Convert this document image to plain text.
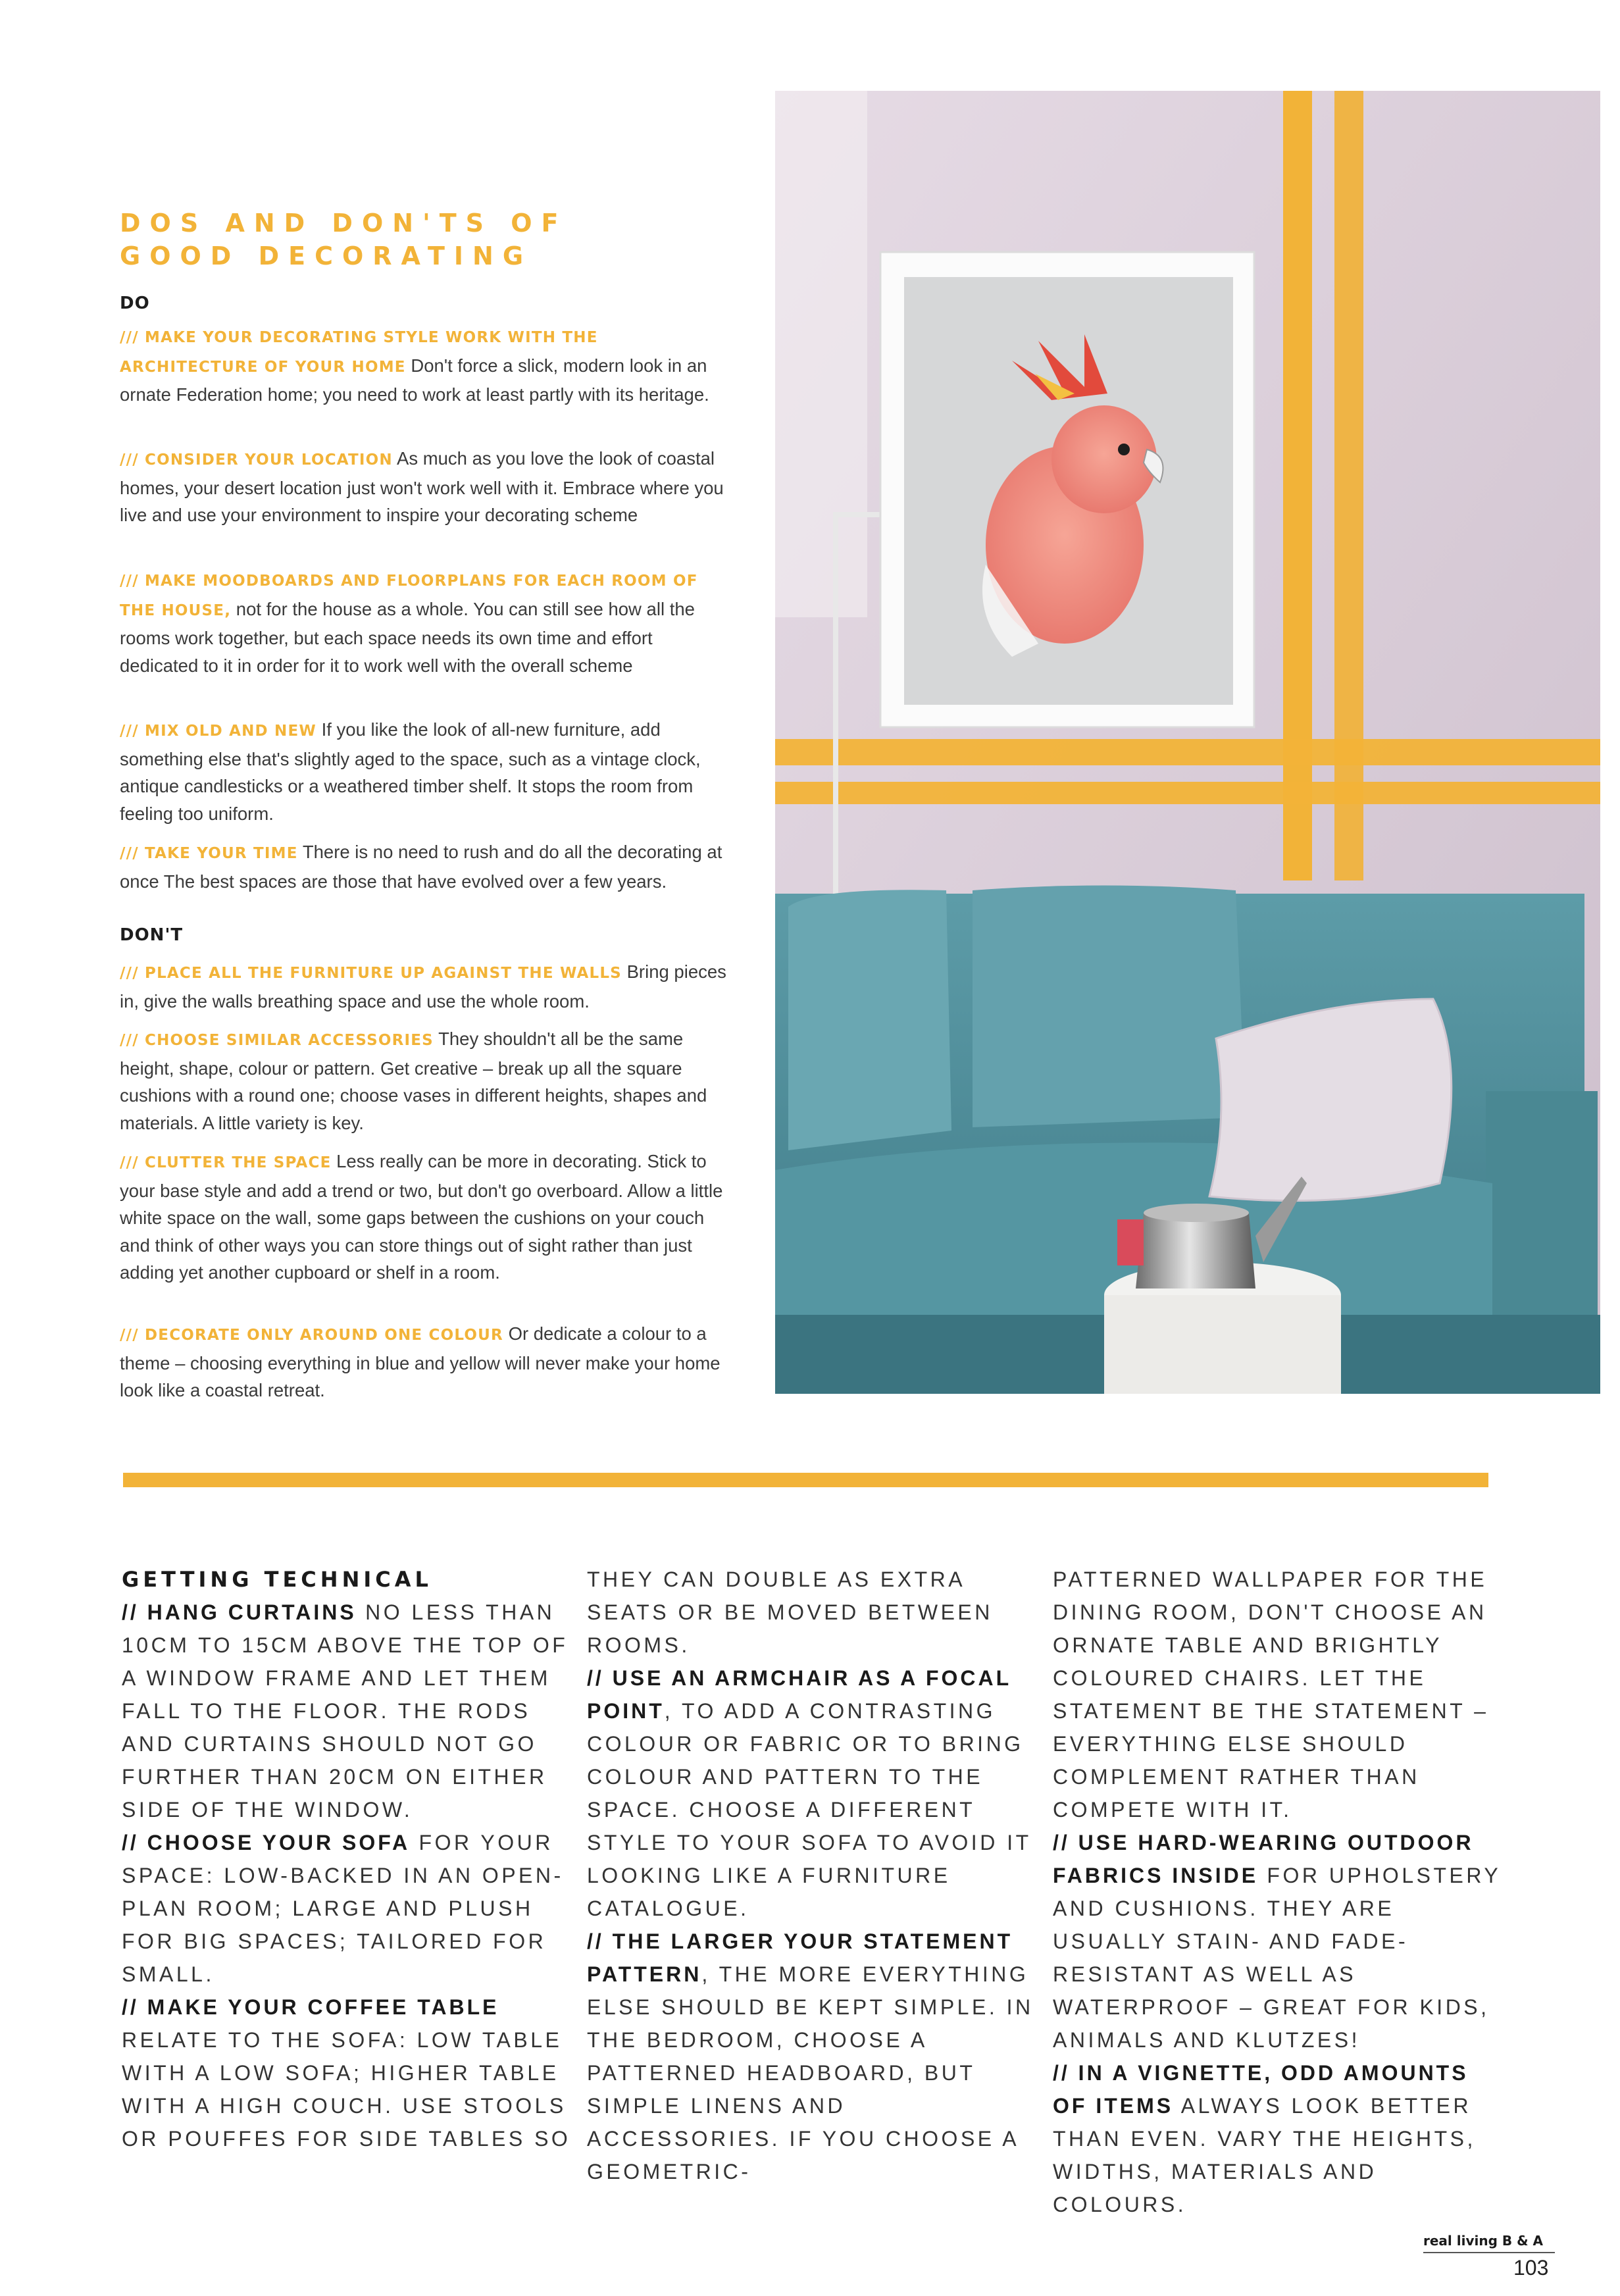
DOS AND DON'TS OF
GOOD DECORATING
DO
/// MAKE YOUR DECORATING STYLE WORK WITH THE ARCHITECTURE OF YOUR HOME Don't force a slick, modern look in an ornate Federation home; you need to work at least partly with its heritage.
/// CONSIDER YOUR LOCATION As much as you love the look of coastal homes, your desert location just won't work well with it. Embrace where you live and use your environment to inspire your decorating scheme
/// MAKE MOODBOARDS AND FLOORPLANS FOR EACH ROOM OF THE HOUSE, not for the house as a whole. You can still see how all the rooms work together, but each space needs its own time and effort dedicated to it in order for it to work well with the overall scheme
/// MIX OLD AND NEW If you like the look of all-new furniture, add something else that's slightly aged to the space, such as a vintage clock, antique candlesticks or a weathered timber shelf. It stops the room from feeling too uniform.
/// TAKE YOUR TIME There is no need to rush and do all the decorating at once The best spaces are those that have evolved over a few years.
DON'T
/// PLACE ALL THE FURNITURE UP AGAINST THE WALLS Bring pieces in, give the walls breathing space and use the whole room.
/// CHOOSE SIMILAR ACCESSORIES They shouldn't all be the same height, shape, colour or pattern. Get creative – break up all the square cushions with a round one; choose vases in different heights, shapes and materials. A little variety is key.
/// CLUTTER THE SPACE Less really can be more in decorating. Stick to your base style and add a trend or two, but don't go overboard. Allow a little white space on the wall, some gaps between the cushions on your couch and think of other ways you can store things out of sight rather than just adding yet another cupboard or shelf in a room.
/// DECORATE ONLY AROUND ONE COLOUR Or dedicate a colour to a theme – choosing everything in blue and yellow will never make your home look like a coastal retreat.
GETTING TECHNICAL

// HANG CURTAINS NO LESS THAN 10CM TO 15CM ABOVE THE TOP OF A WINDOW FRAME AND LET THEM FALL TO THE FLOOR. THE RODS AND CURTAINS SHOULD NOT GO FURTHER THAN 20CM ON EITHER SIDE OF THE WINDOW.

// CHOOSE YOUR SOFA FOR YOUR SPACE: LOW-BACKED IN AN OPEN-PLAN ROOM; LARGE AND PLUSH FOR BIG SPACES; TAILORED FOR SMALL.

// MAKE YOUR COFFEE TABLE RELATE TO THE SOFA: LOW TABLE WITH A LOW SOFA; HIGHER TABLE WITH A HIGH COUCH. USE STOOLS OR POUFFES FOR SIDE TABLES SO

THEY CAN DOUBLE AS EXTRA SEATS OR BE MOVED BETWEEN ROOMS.

// USE AN ARMCHAIR AS A FOCAL POINT, TO ADD A CONTRASTING COLOUR OR FABRIC OR TO BRING COLOUR AND PATTERN TO THE SPACE. CHOOSE A DIFFERENT STYLE TO YOUR SOFA TO AVOID IT LOOKING LIKE A FURNITURE CATALOGUE.

// THE LARGER YOUR STATEMENT PATTERN, THE MORE EVERYTHING ELSE SHOULD BE KEPT SIMPLE. IN THE BEDROOM, CHOOSE A PATTERNED HEADBOARD, BUT SIMPLE LINENS AND ACCESSORIES. IF YOU CHOOSE A GEOMETRIC-

PATTERNED WALLPAPER FOR THE DINING ROOM, DON'T CHOOSE AN ORNATE TABLE AND BRIGHTLY COLOURED CHAIRS. LET THE STATEMENT BE THE STATEMENT – EVERYTHING ELSE SHOULD COMPLEMENT RATHER THAN COMPETE WITH IT.

// USE HARD-WEARING OUTDOOR FABRICS INSIDE FOR UPHOLSTERY AND CUSHIONS. THEY ARE USUALLY STAIN- AND FADE-RESISTANT AS WELL AS WATERPROOF – GREAT FOR KIDS, ANIMALS AND KLUTZES!

// IN A VIGNETTE, ODD AMOUNTS OF ITEMS ALWAYS LOOK BETTER THAN EVEN. VARY THE HEIGHTS, WIDTHS, MATERIALS AND COLOURS.

real living B & A
103
